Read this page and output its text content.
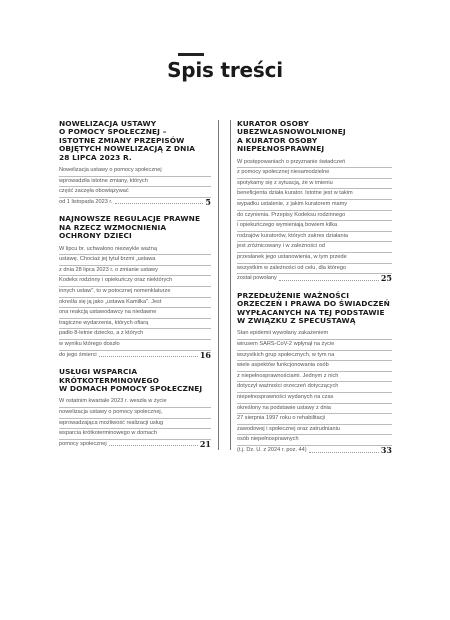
Spis treści
NOWELIZACJA USTAWY
O POMOCY SPOŁECZNEJ –
ISTOTNE ZMIANY PRZEPISÓW
OBJĘTYCH NOWELIZACJĄ Z DNIA
28 LIPCA 2023 R.
Nowelizacja ustawy o pomocy społecznej
wprowadziła istotne zmiany, których
część zaczęła obowiązywać
od 1 listopada 2023 r.	5
NAJNOWSZE REGULACJE PRAWNE
NA RZECZ WZMOCNIENIA
OCHRONY DZIECI
W lipcu br. uchwalono niezwykle ważną
ustawę. Chociaż jej tytuł brzmi „ustawa
z dnia 28 lipca 2023 r. o zmianie ustawy
Kodeks rodzinny i opiekuńczy oraz niektórych
innych ustaw", to w potocznej nomenklaturze
określa się ją jako „ustawa Kamilka". Jest
ona reakcją ustawodawcy na niedawne
tragiczne wydarzenia, których ofiarą
padło 8-letnie dziecko, a z których
w wyniku którego doszło
do jego śmierci	16
USŁUGI WSPARCIA
KRÓTKOTERMINOWEGO
W DOMACH POMOCY SPOŁECZNEJ
W ostatnim kwartale 2023 r. weszła w życie
nowelizacja ustawy o pomocy społecznej,
wprowadzająca możliwość realizacji usług
wsparcia krótkoterminowego w domach
pomocy społecznej	21
KURATOR OSOBY
UBEZWŁASNOWOLNIONEJ
A KURATOR OSOBY
NIEPEŁNOSPRAWNEJ
W postępowaniach o przyznanie świadczeń
z pomocy społecznej niesamodzielne
spotykamy się z sytuacją, że w imieniu
beneficjenta działa kurator. Istotne jest w takim
wypadku ustalenie, z jakim kuratorem mamy
do czynienia. Przepisy Kodeksu rodzinnego
i opiekuńczego wymieniają bowiem kilka
rodzajów kuratorów, których zakres działania
jest zróżnicowany i w zależności od
przesłanek jego ustanowienia, w tym przede
wszystkim w zależności od celu, dla którego
został powołany	25
PRZEDŁUŻENIE WAŻNOŚCI
ORZECZEŃ I PRAWA DO ŚWIADCZEŃ
WYPŁACANYCH NA TEJ PODSTAWIE
W ZWIĄZKU Z SPECUSTAWĄ
Stan epidemii wywołany zakażeniem
wirusem SARS-CoV-2 wpłynął na życie
wszystkich grup społecznych, w tym na
wiele aspektów funkcjonowania osób
z niepełnosprawnościami. Jednym z nich
dotyczył ważności orzeczeń dotyczących
niepełnosprawności wydanych na czas
określony na podstawie ustawy z dnia
27 sierpnia 1997 roku o rehabilitacji
zawodowej i społecznej oraz zatrudnianiu
osób niepełnosprawnych
(t.j. Dz. U. z 2024 r. poz. 44)	33
